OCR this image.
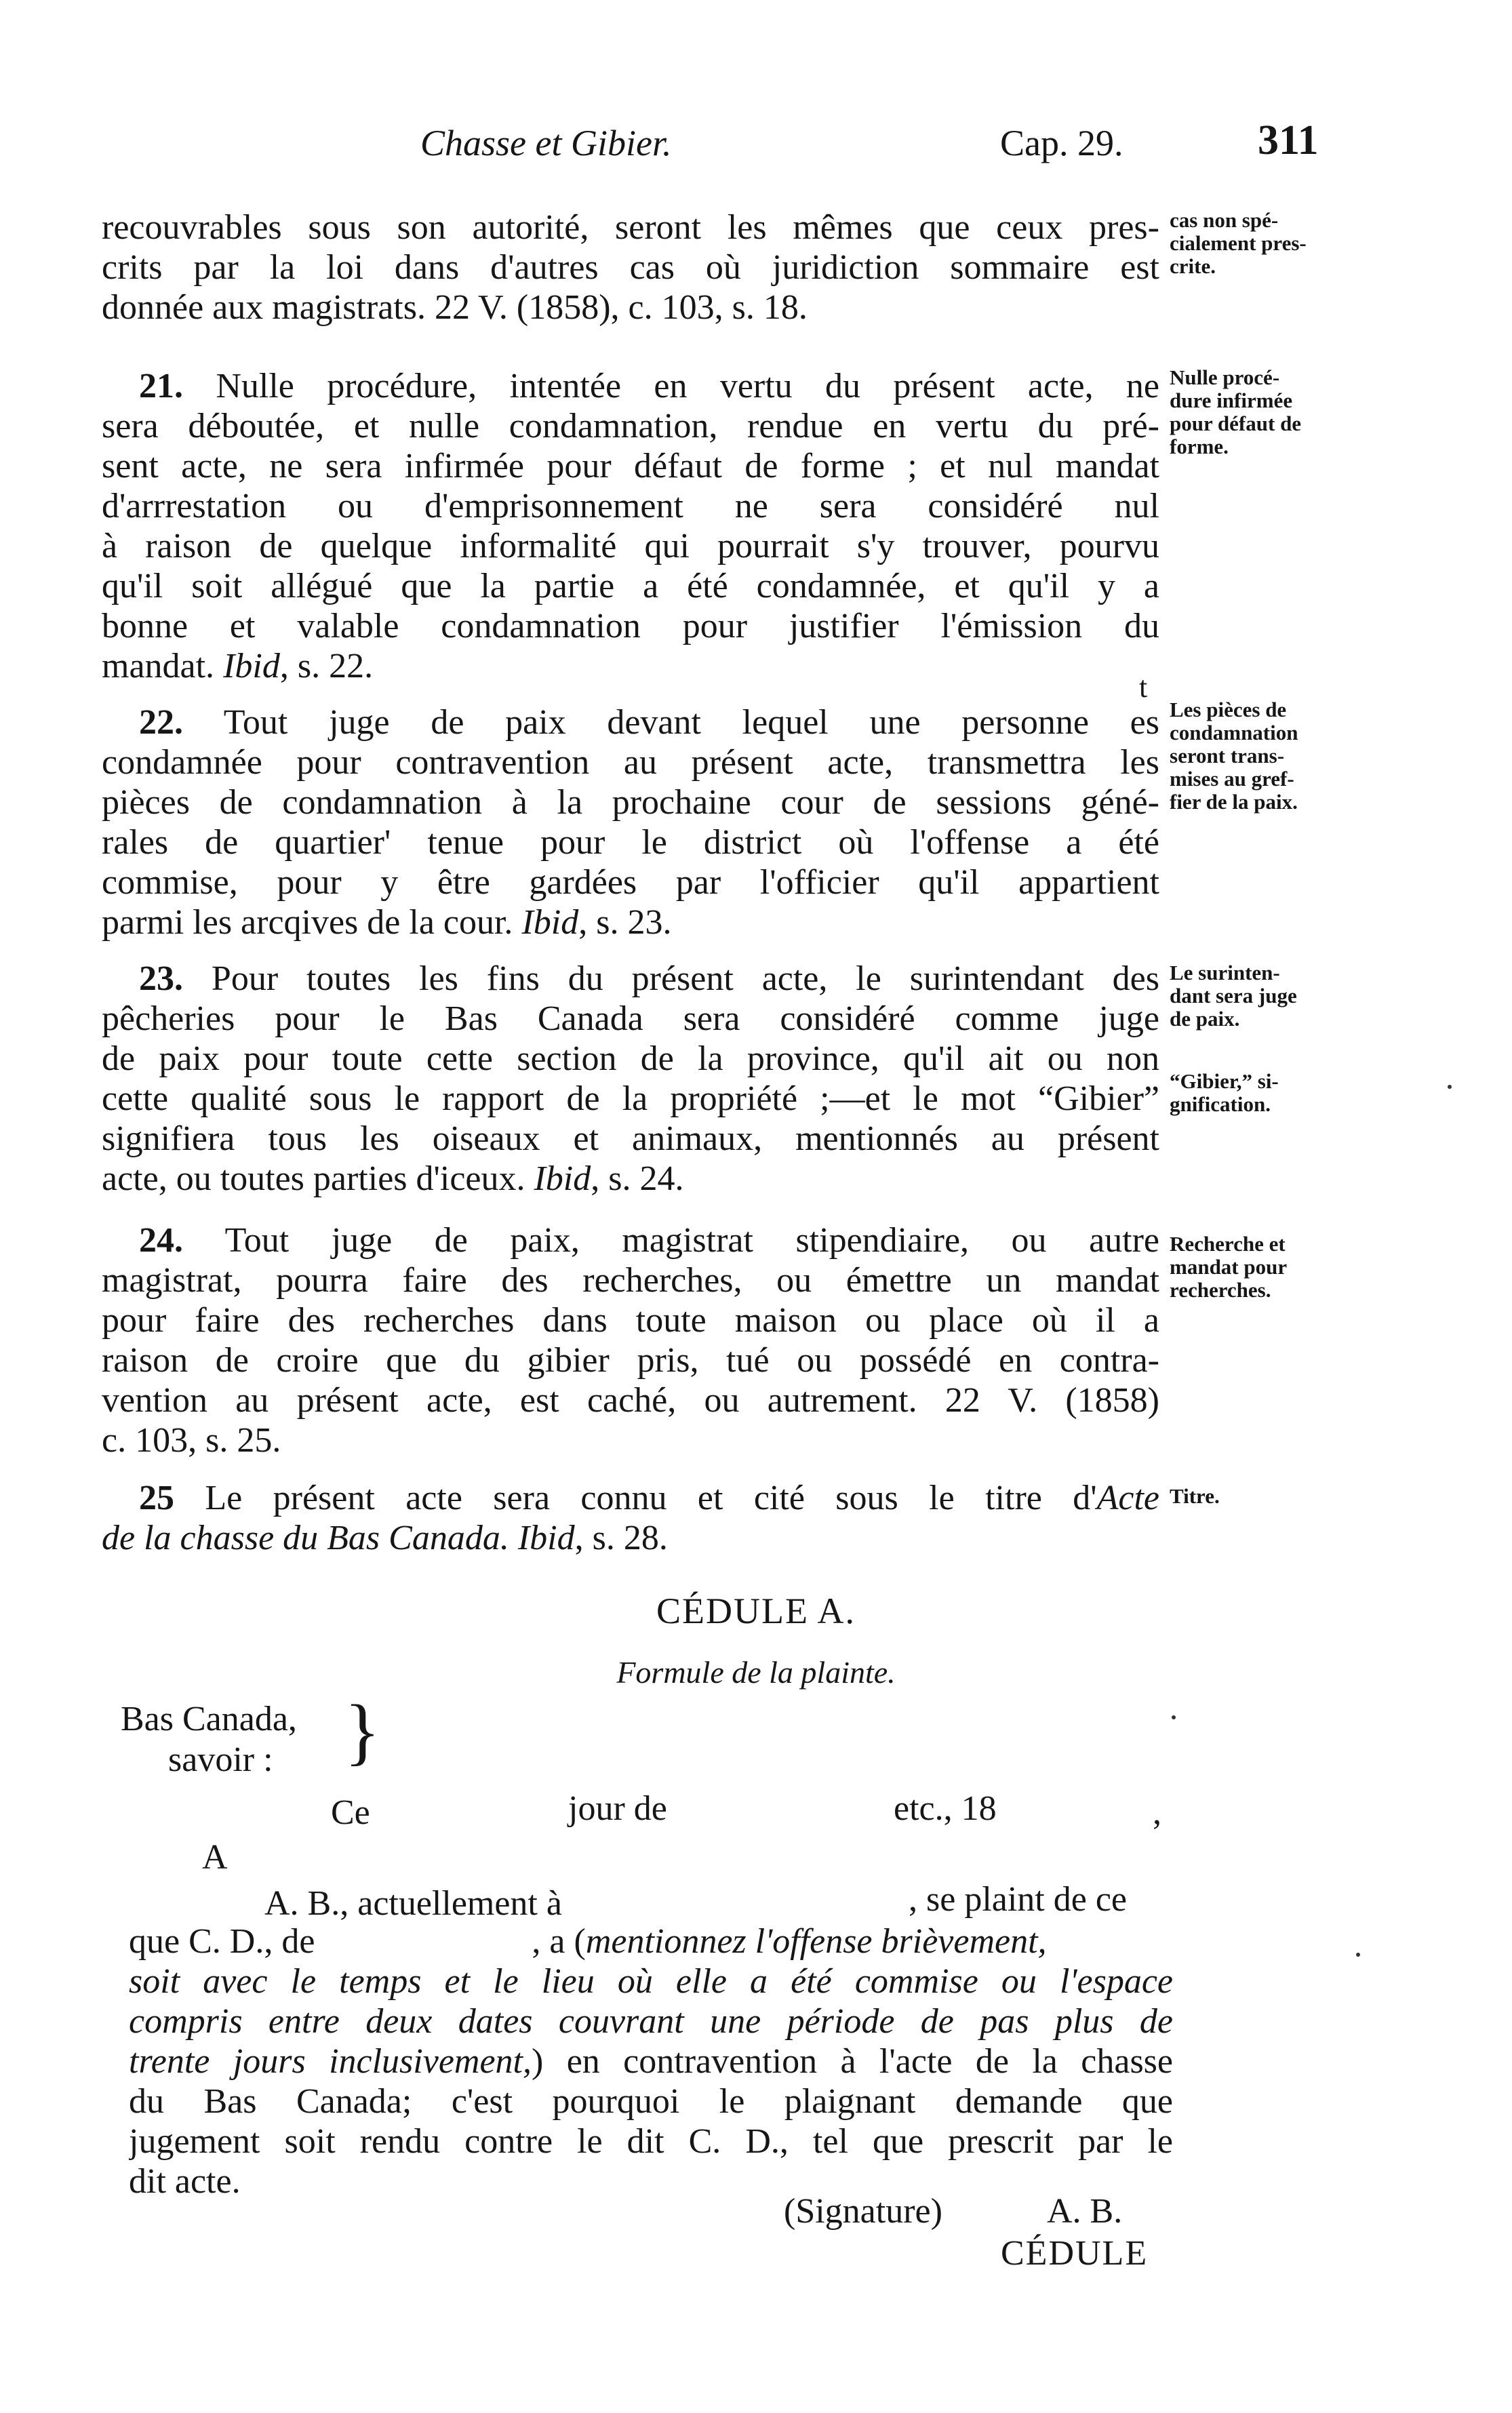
Chasse et Gibier.	Cap. 29.	311
recouvrables sous son autorité, seront les mêmes que ceux pres-
crits par la loi dans d'autres cas où juridiction sommaire est
donnée aux magistrats. 22 V. (1858), c. 103, s. 18.
cas non spé-
cialement pres-
crite.
21. Nulle procédure, intentée en vertu du présent acte, ne
sera déboutée, et nulle condamnation, rendue en vertu du pré-
sent acte, ne sera infirmée pour défaut de forme ; et nul mandat
d'arrrestation ou d'emprisonnement ne sera considéré nul
à raison de quelque informalité qui pourrait s'y trouver, pourvu
qu'il soit allégué que la partie a été condamnée, et qu'il y a
bonne et valable condamnation pour justifier l'émission du
mandat. Ibid, s. 22.
Nulle procé-
dure infirmée
pour défaut de
forme.
t
22. Tout juge de paix devant lequel une personne es
condamnée pour contravention au présent acte, transmettra les
pièces de condamnation à la prochaine cour de sessions géné-
rales de quartier' tenue pour le district où l'offense a été
commise, pour y être gardées par l'officier qu'il appartient
parmi les arcqives de la cour. Ibid, s. 23.
Les pièces de
condamnation
seront trans-
mises au gref-
fier de la paix.
23. Pour toutes les fins du présent acte, le surintendant des
pêcheries pour le Bas Canada sera considéré comme juge
de paix pour toute cette section de la province, qu'il ait ou non
cette qualité sous le rapport de la propriété ;—et le mot “Gibier”
signifiera tous les oiseaux et animaux, mentionnés au présent
acte, ou toutes parties d'iceux. Ibid, s. 24.
Le surinten-
dant sera juge
de paix.
“Gibier,” si-
gnification.
24. Tout juge de paix, magistrat stipendiaire, ou autre
magistrat, pourra faire des recherches, ou émettre un mandat
pour faire des recherches dans toute maison ou place où il a
raison de croire que du gibier pris, tué ou possédé en contra-
vention au présent acte, est caché, ou autrement. 22 V. (1858)
c. 103, s. 25.
Recherche et
mandat pour
recherches.
25 Le présent acte sera connu et cité sous le titre d'Acte
de la chasse du Bas Canada. Ibid, s. 28.
Titre.
CÉDULE A.
Formule de la plainte.
Bas Canada,
savoir : }
Ce	jour de	etc., 18	,
A
A. B., actuellement à	, se plaint de ce
que C. D., de	, a (mentionnez l'offense brièvement,
soit avec le temps et le lieu où elle a été commise ou l'espace
compris entre deux dates couvrant une période de pas plus de
trente jours inclusivement,) en contravention à l'acte de la chasse
du Bas Canada; c'est pourquoi le plaignant demande que
jugement soit rendu contre le dit C. D., tel que prescrit par le
dit acte.
(Signature)	A. B.
CÉDULE
